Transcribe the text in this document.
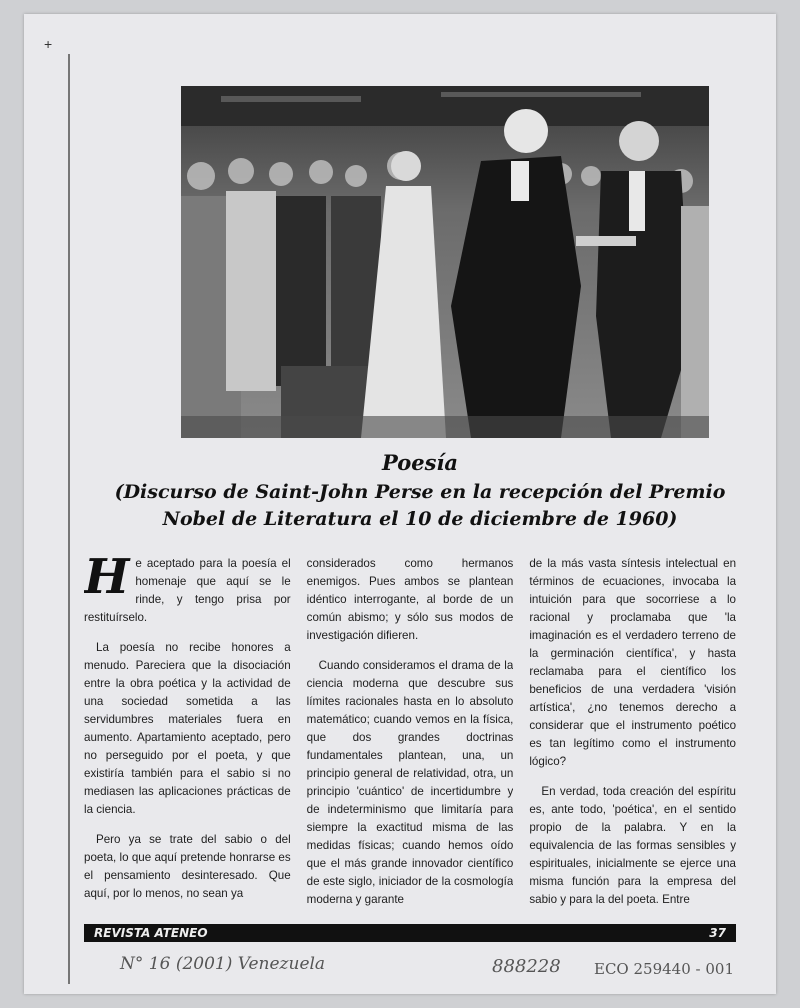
+
Poesía
(Discurso de Saint-John Perse en la recepción del Premio
Nobel de Literatura el 10 de diciembre de 1960)

He aceptado para la poesía el homenaje que aquí se le rinde, y tengo prisa por restituírselo.

La poesía no recibe honores a menudo. Pareciera que la disociación entre la obra poética y la actividad de una sociedad sometida a las servidumbres materiales fuera en aumento. Apartamiento aceptado, pero no perseguido por el poeta, y que existiría también para el sabio si no mediasen las aplicaciones prácticas de la ciencia.

Pero ya se trate del sabio o del poeta, lo que aquí pretende honrarse es el pensamiento desinteresado. Que aquí, por lo menos, no sean ya

considerados como hermanos enemigos. Pues ambos se plantean idéntico interrogante, al borde de un común abismo; y sólo sus modos de investigación difieren.

Cuando consideramos el drama de la ciencia moderna que descubre sus límites racionales hasta en lo absoluto matemático; cuando vemos en la física, que dos grandes doctrinas fundamentales plantean, una, un principio general de relatividad, otra, un principio 'cuántico' de incertidumbre y de indeterminismo que limitaría para siempre la exactitud misma de las medidas físicas; cuando hemos oído que el más grande innovador científico de este siglo, iniciador de la cosmología moderna y garante

de la más vasta síntesis intelectual en términos de ecuaciones, invocaba la intuición para que socorriese a lo racional y proclamaba que 'la imaginación es el verdadero terreno de la germinación científica', y hasta reclamaba para el científico los beneficios de una verdadera 'visión artística', ¿no tenemos derecho a considerar que el instrumento poético es tan legítimo como el instrumento lógico?

En verdad, toda creación del espíritu es, ante todo, 'poética', en el sentido propio de la palabra. Y en la equivalencia de las formas sensibles y espirituales, inicialmente se ejerce una misma función para la empresa del sabio y para la del poeta. Entre

REVISTA ATENEO	37
N° 16 (2001) Venezuela	888228 ECO 259440 - 001
